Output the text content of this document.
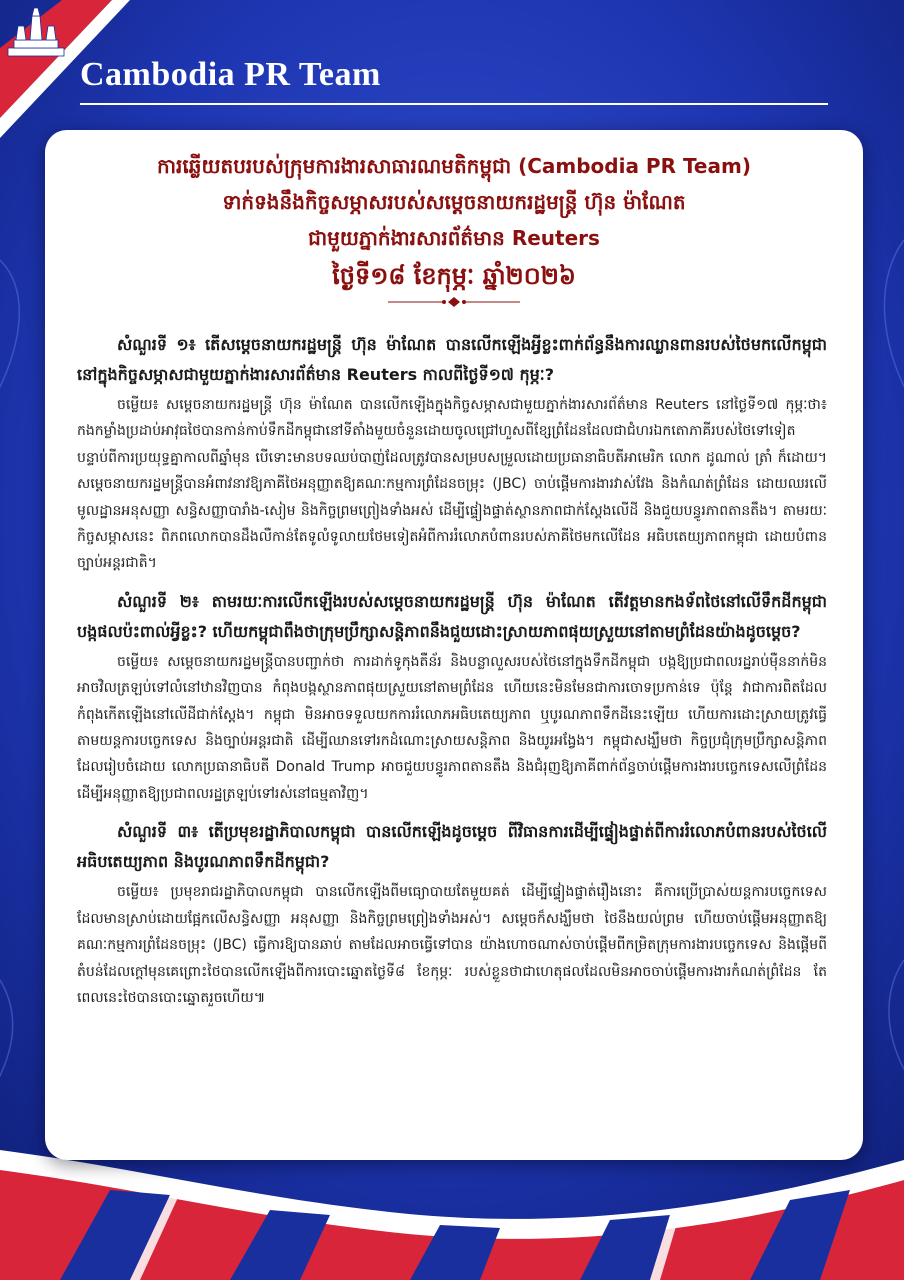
Cambodia PR Team
ការឆ្លើយតបរបស់ក្រុមការងារសាធារណមតិកម្ពុជា (Cambodia PR Team)
ទាក់ទងនឹងកិច្ចសម្ភាសរបស់សម្តេចនាយករដ្ឋមន្ត្រី ហ៊ុន ម៉ាណែត
ជាមួយភ្នាក់ងារសារព័ត៌មាន Reuters
ថ្ងៃទី១៨ ខែកុម្ភៈ ឆ្នាំ២០២៦

សំណួរទី ១៖ តើសម្តេចនាយករដ្ឋមន្ត្រី ហ៊ុន ម៉ាណែត បានលើកឡើងអ្វីខ្លះពាក់ព័ន្ធនឹងការឈ្លានពានរបស់ថៃមកលើកម្ពុជានៅក្នុងកិច្ចសម្ភាសជាមួយភ្នាក់ងារសារព័ត៌មាន Reuters កាលពីថ្ងៃទី១៧ កុម្ភៈ?

ចម្លើយ៖ សម្តេចនាយករដ្ឋមន្ត្រី ហ៊ុន ម៉ាណែត បានលើកឡើងក្នុងកិច្ចសម្ភាសជាមួយភ្នាក់ងារសារព័ត៌មាន Reuters នៅថ្ងៃទី១៧ កុម្ភៈថា៖ កងកម្លាំងប្រដាប់អាវុធថៃបានកាន់កាប់ទឹកដីកម្ពុជានៅទីតាំងមួយចំនួនដោយចូលជ្រៅហួសពីខ្សែព្រំដែនដែលជាជំហរឯកតោភាគីរបស់ថៃទៅទៀត បន្ទាប់ពីការប្រយុទ្ធគ្នាកាលពីឆ្នាំមុន បើទោះមានបទឈប់បាញ់ដែលត្រូវបានសម្របសម្រួលដោយប្រធានាធិបតីអាមេរិក លោក ដូណាល់ ត្រាំ ក៏ដោយ។ សម្តេចនាយករដ្ឋមន្ត្រីបានអំពាវនាវឱ្យភាគីថៃអនុញ្ញាតឱ្យគណៈកម្មការព្រំដែនចម្រុះ (JBC) ចាប់ផ្តើមការងារវាស់វែង និងកំណត់ព្រំដែន ដោយឈរលើមូលដ្ឋានអនុសញ្ញា សន្ធិសញ្ញាបារាំង-សៀម និងកិច្ចព្រមព្រៀងទាំងអស់ ដើម្បីផ្ទៀងផ្ទាត់ស្ថានភាពជាក់ស្តែងលើដី និងជួយបន្ធូរភាពតានតឹង។ តាមរយៈ កិច្ចសម្ភាសនេះ ពិភពលោកបានដឹងលឺកាន់តែទូលំទូលាយថែមទៀតអំពីការរំលោភបំពានរបស់ភាគីថៃមកលើដែន អធិបតេយ្យភាពកម្ពុជា ដោយបំពានច្បាប់អន្តរជាតិ។

សំណួរទី ២៖ តាមរយៈការលើកឡើងរបស់សម្តេចនាយករដ្ឋមន្ត្រី ហ៊ុន ម៉ាណែត តើវត្តមានកងទ័ពថៃនៅលើទឹកដីកម្ពុជាបង្កផលប៉ះពាល់អ្វីខ្លះ? ហើយកម្ពុជាពឹងថាក្រុមប្រឹក្សាសន្តិភាពនឹងជួយដោះស្រាយភាពផុយស្រួយនៅតាមព្រំដែនយ៉ាងដូចម្តេច?

ចម្លើយ៖ សម្តេចនាយករដ្ឋមន្ត្រីបានបញ្ជាក់ថា ការដាក់ទូកុងតឺន័រ និងបន្លាលួសរបស់ថៃនៅក្នុងទឹកដីកម្ពុជា បង្កឱ្យប្រជាពលរដ្ឋរាប់ម៉ឺននាក់មិនអាចវិលត្រឡប់ទៅលំនៅឋានវិញបាន កំពុងបង្កស្ថានភាពផុយស្រួយនៅតាមព្រំដែន ហើយនេះមិនមែនជាការចោទប្រកាន់ទេ ប៉ុន្តែ វាជាការពិតដែលកំពុងកើតឡើងនៅលើដីជាក់ស្តែង។ កម្ពុជា មិនអាចទទួលយកការរំលោភអធិបតេយ្យភាព ឬបូរណភាពទឹកដីនេះឡើយ ហើយការដោះស្រាយត្រូវធ្វើតាមយន្តការបច្ចេកទេស និងច្បាប់អន្តរជាតិ ដើម្បីឈានទៅរកដំណោះស្រាយសន្តិភាព និងយូរអង្វែង។ កម្ពុជាសង្ឃឹមថា កិច្ចប្រជុំក្រុមប្រឹក្សាសន្តិភាពដែលរៀបចំដោយ លោកប្រធានាធិបតី Donald Trump អាចជួយបន្ធូរភាពតានតឹង និងជំរុញឱ្យភាគីពាក់ព័ន្ធចាប់ផ្តើមការងារបច្ចេកទេសលើព្រំដែន ដើម្បីអនុញ្ញាតឱ្យប្រជាពលរដ្ឋត្រឡប់ទៅរស់នៅធម្មតាវិញ។

សំណួរទី ៣៖ តើប្រមុខរដ្ឋាភិបាលកម្ពុជា បានលើកឡើងដូចម្តេច ពីវិធានការដើម្បីផ្ទៀងផ្ទាត់ពីការរំលោភបំពានរបស់ថៃលើអធិបតេយ្យភាព និងបូរណភាពទឹកដីកម្ពុជា?

ចម្លើយ៖ ប្រមុខរាជរដ្ឋាភិបាលកម្ពុជា បានលើកឡើងពីមធ្យោបាយតែមួយគត់ ដើម្បីផ្ទៀងផ្ទាត់រឿងនោះ គឺការប្រើប្រាស់យន្តការបច្ចេកទេស ដែលមានស្រាប់ដោយផ្អែកលើសន្ធិសញ្ញា អនុសញ្ញា និងកិច្ចព្រមព្រៀងទាំងអស់។ សម្តេចក៏សង្ឃឹមថា ថៃនឹងយល់ព្រម ហើយចាប់ផ្តើមអនុញ្ញាតឱ្យគណៈកម្មការព្រំដែនចម្រុះ (JBC) ធ្វើការឱ្យបានឆាប់ តាមដែលអាចធ្វើទៅបាន យ៉ាងហោចណាស់ចាប់ផ្តើមពីកម្រិតក្រុមការងារបច្ចេកទេស និងផ្តើមពីតំបន់ដែលក្តៅមុនគេព្រោះថៃបានលើកឡើងពីការបោះឆ្នោតថ្ងៃទី៨ ខែកុម្ភៈ របស់ខ្លួនថាជាហេតុផលដែលមិនអាចចាប់ផ្តើមការងារកំណត់ព្រំដែន តែពេលនេះថៃបានបោះឆ្នោតរួចហើយ៕
